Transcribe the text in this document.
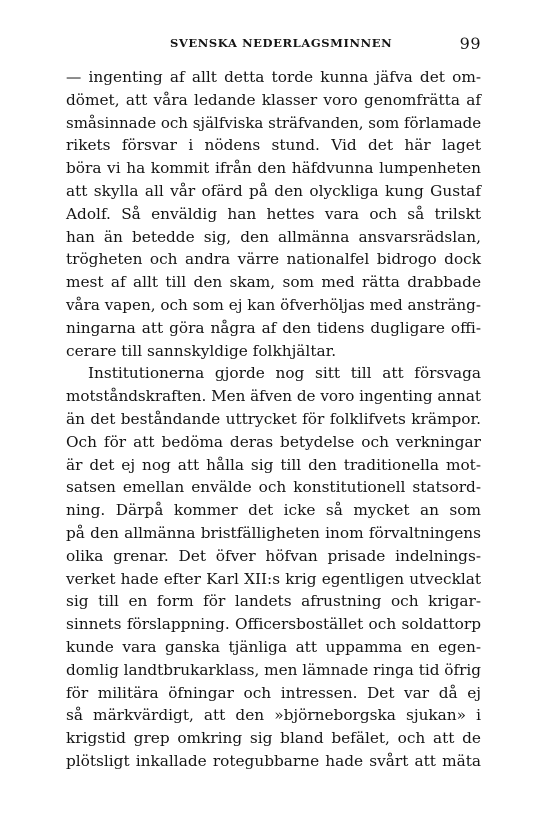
SVENSKA NEDERLAGSMINNEN	99
— ingenting af allt detta torde kunna jäfva det om-
dömet, att våra ledande klasser voro genomfrätta af
småsinnade och själfviska sträfvanden, som förlamade
rikets försvar i nödens stund. Vid det här laget
böra vi ha kommit ifrån den häfdvunna lumpenheten
att skylla all vår ofärd på den olyckliga kung Gustaf
Adolf. Så enväldig han hettes vara och så trilskt
han än betedde sig, den allmänna ansvarsrädslan,
trögheten och andra värre nationalfel bidrogo dock
mest af allt till den skam, som med rätta drabbade
våra vapen, och som ej kan öfverhöljas med ansträng-
ningarna att göra några af den tidens dugligare offi-
cerare till sannskyldige folkhjältar.
Institutionerna gjorde nog sitt till att försvaga
motståndskraften. Men äfven de voro ingenting annat
än det beståndande uttrycket för folklifvets krämpor.
Och för att bedöma deras betydelse och verkningar
är det ej nog att hålla sig till den traditionella mot-
satsen emellan envälde och konstitutionell statsord-
ning. Därpå kommer det icke så mycket an som
på den allmänna bristfälligheten inom förvaltningens
olika grenar. Det öfver höfvan prisade indelnings-
verket hade efter Karl XII:s krig egentligen utvecklat
sig till en form för landets afrustning och krigar-
sinnets förslappning. Officersbostället och soldattorp
kunde vara ganska tjänliga att uppamma en egen-
domlig landtbrukarklass, men lämnade ringa tid öfrig
för militära öfningar och intressen. Det var då ej
så märkvärdigt, att den »björneborgska sjukan» i
krigstid grep omkring sig bland befälet, och att de
plötsligt inkallade rotegubbarne hade svårt att mäta
